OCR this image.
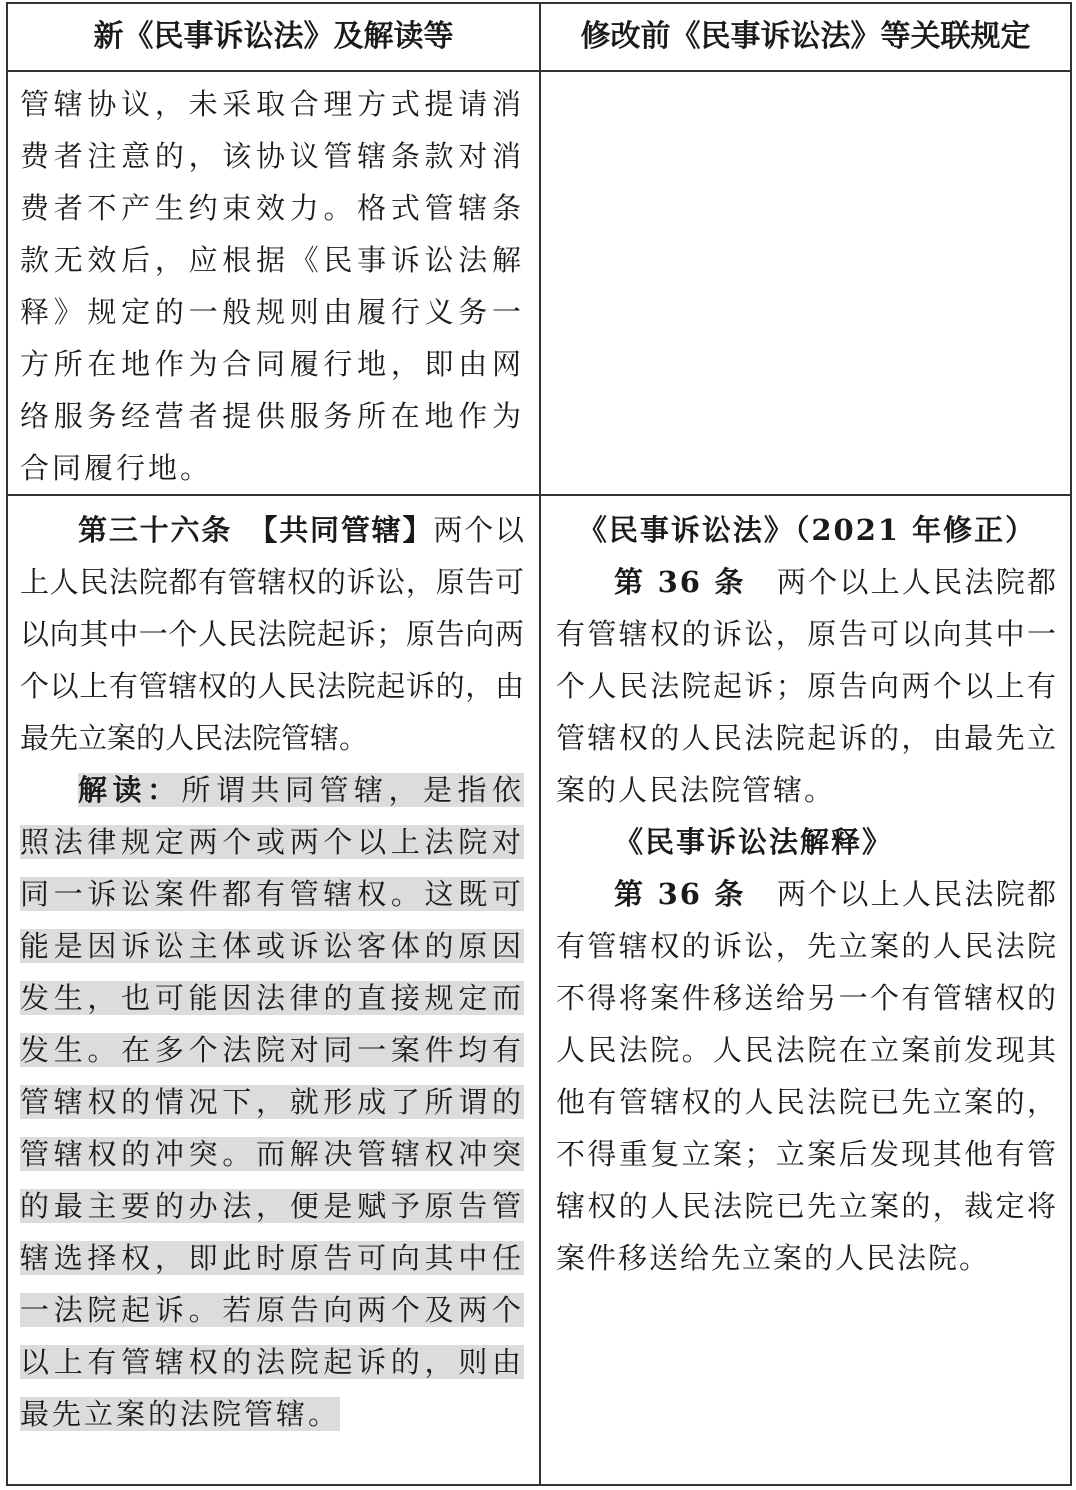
新《民事诉讼法》及解读等	修改前《民事诉讼法》等关联规定

管辖协议，未采取合理方式提请消费者注意的，该协议管辖条款对消费者不产生约束效力。格式管辖条款无效后，应根据《民事诉讼法解释》规定的一般规则由履行义务一方所在地作为合同履行地，即由网络服务经营者提供服务所在地作为合同履行地。

第三十六条　【共同管辖】两个以上人民法院都有管辖权的诉讼，原告可以向其中一个人民法院起诉；原告向两个以上有管辖权的人民法院起诉的，由最先立案的人民法院管辖。

解读：所谓共同管辖，是指依照法律规定两个或两个以上法院对同一诉讼案件都有管辖权。这既可能是因诉讼主体或诉讼客体的原因发生，也可能因法律的直接规定而发生。在多个法院对同一案件均有管辖权的情况下，就形成了所谓的管辖权的冲突。而解决管辖权冲突的最主要的办法，便是赋予原告管辖选择权，即此时原告可向其中任一法院起诉。若原告向两个及两个以上有管辖权的法院起诉的，则由最先立案的法院管辖。

《民事诉讼法》（2021 年修正）

第 36 条　 两个以上人民法院都有管辖权的诉讼，原告可以向其中一个人民法院起诉；原告向两个以上有管辖权的人民法院起诉的，由最先立案的人民法院管辖。

《民事诉讼法解释》

第 36 条　 两个以上人民法院都有管辖权的诉讼，先立案的人民法院不得将案件移送给另一个有管辖权的人民法院。人民法院在立案前发现其他有管辖权的人民法院已先立案的，不得重复立案；立案后发现其他有管辖权的人民法院已先立案的，裁定将案件移送给先立案的人民法院。
